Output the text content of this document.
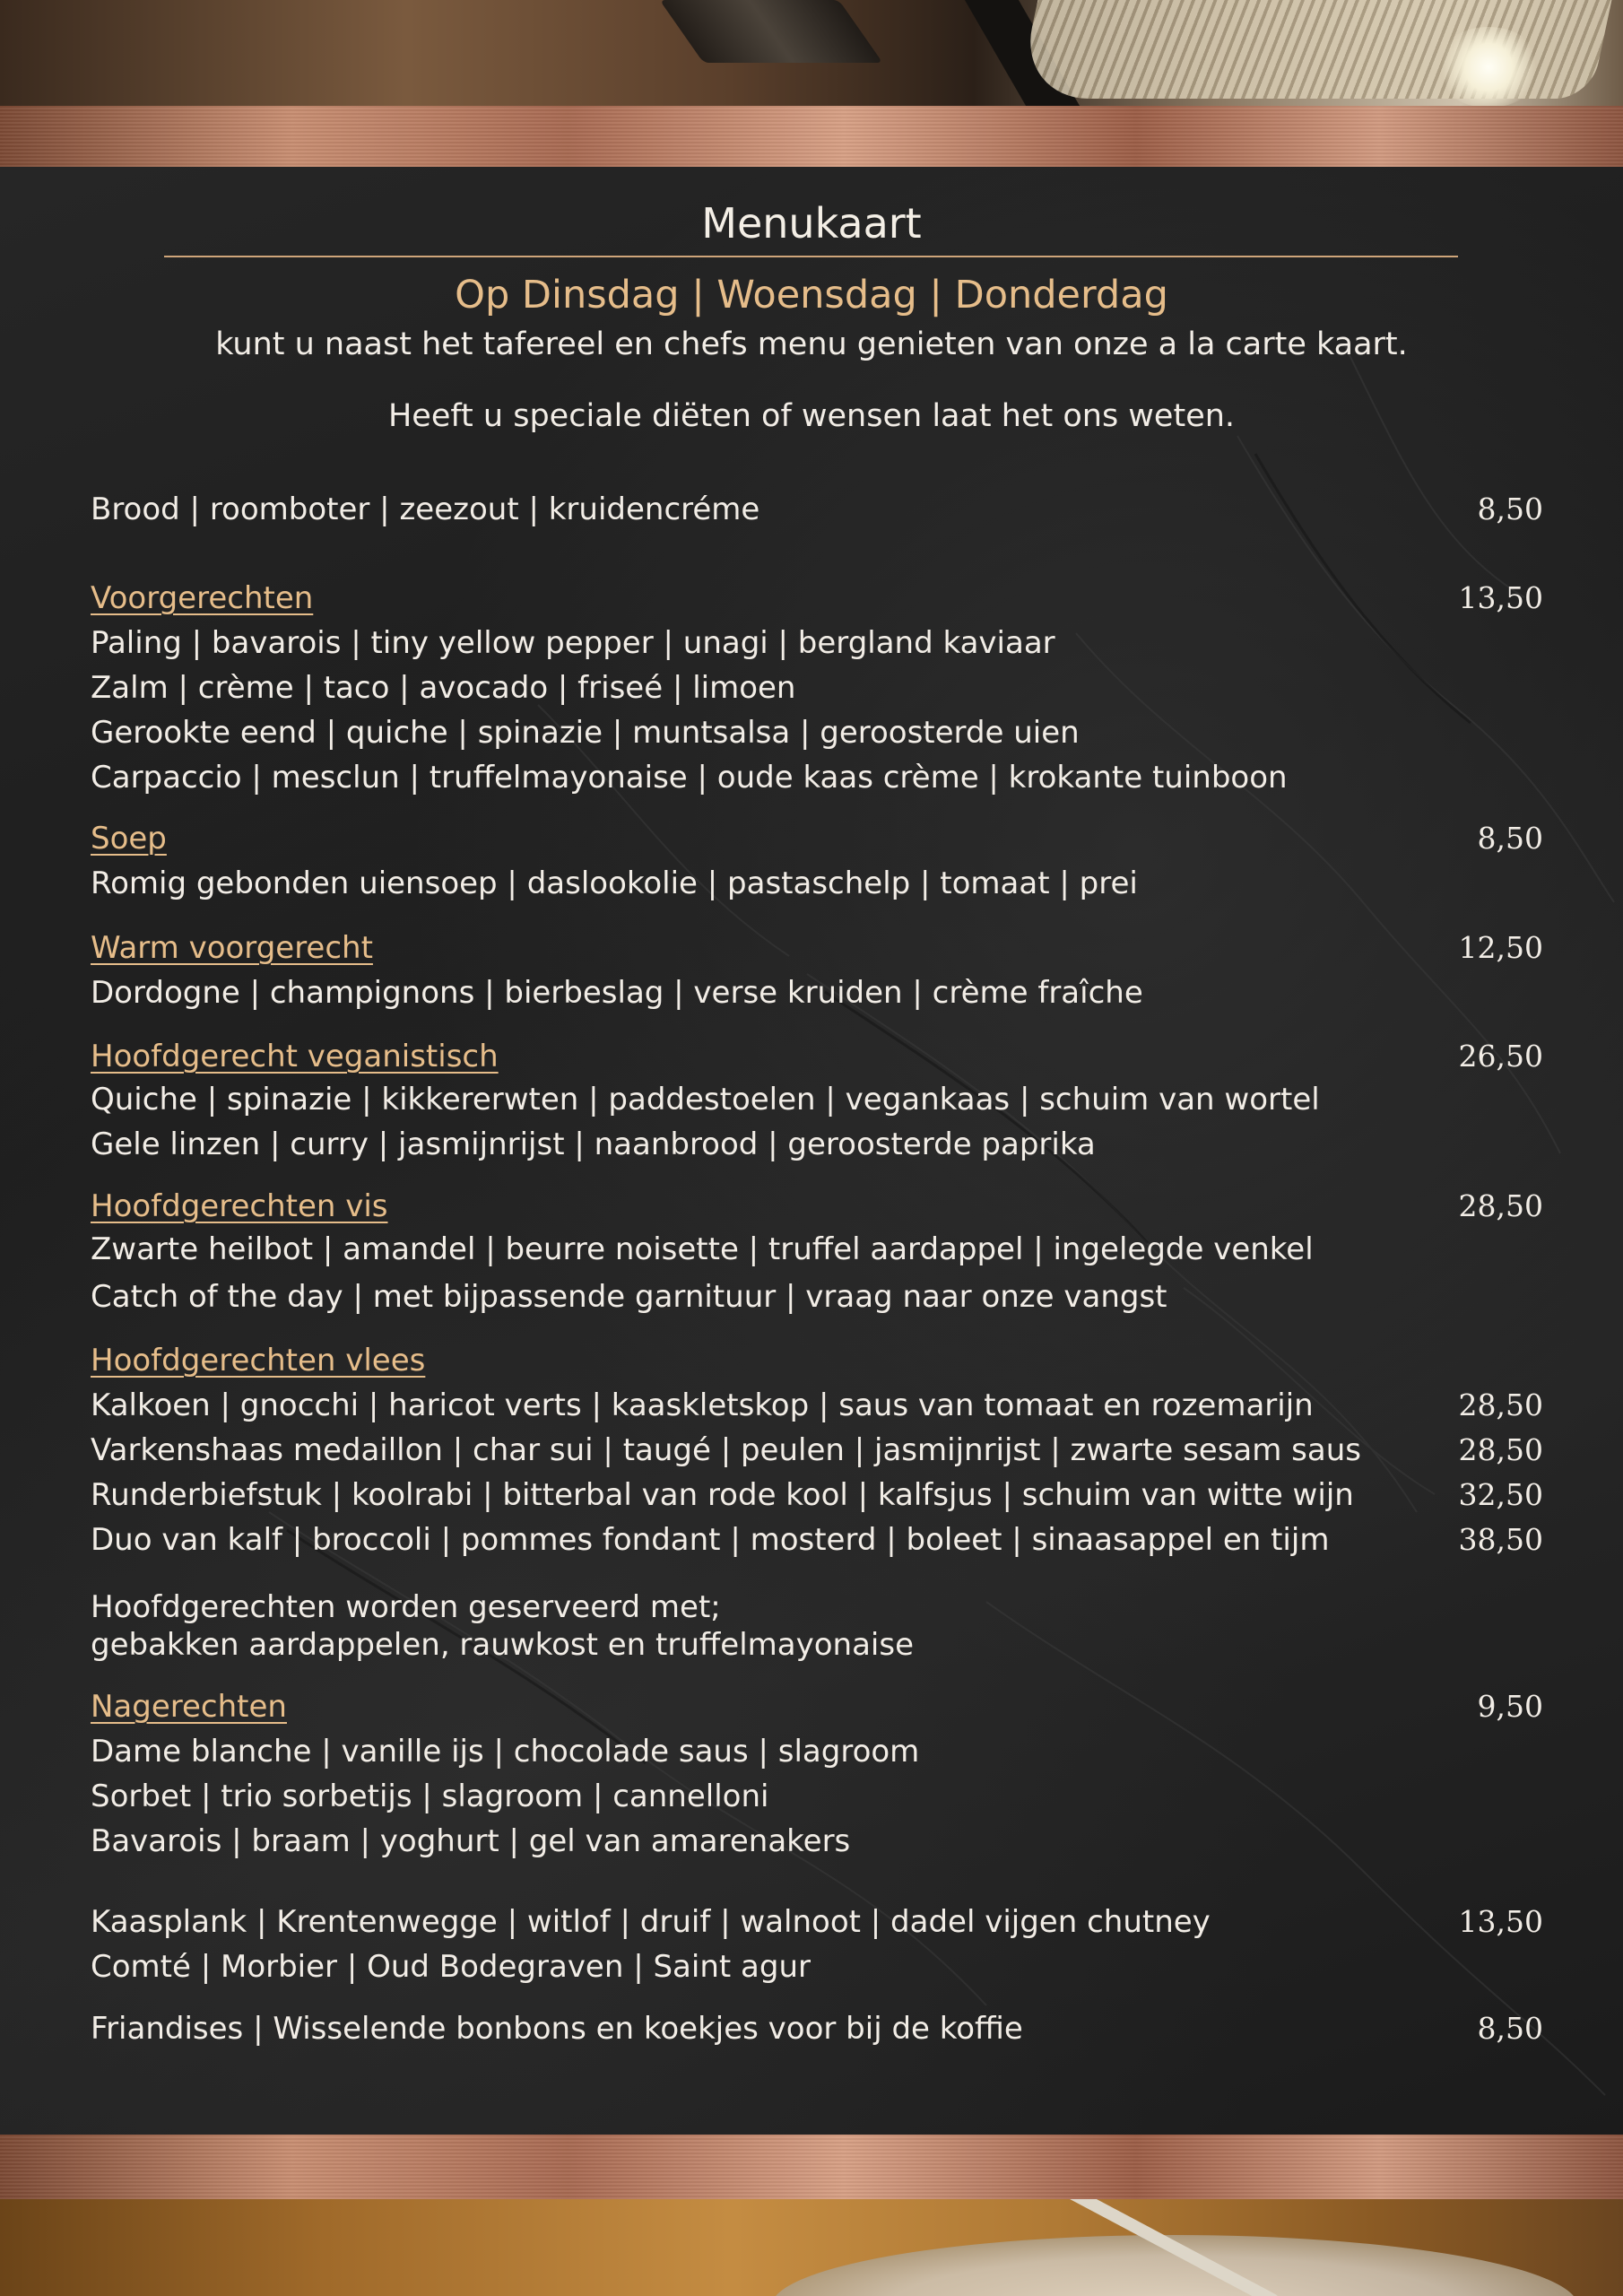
Menukaart
Op Dinsdag | Woensdag | Donderdag
kunt u naast het tafereel en chefs menu genieten van onze a la carte kaart.
Heeft u speciale diëten of wensen laat het ons weten.
Brood | roomboter | zeezout | kruidencréme	8,50
Voorgerechten	13,50
Paling | bavarois | tiny yellow pepper | unagi | bergland kaviaar
Zalm | crème | taco | avocado | friseé | limoen
Gerookte eend | quiche | spinazie | muntsalsa | geroosterde uien
Carpaccio | mesclun | truffelmayonaise | oude kaas crème | krokante tuinboon
Soep	8,50
Romig gebonden uiensoep | daslookolie | pastaschelp | tomaat | prei
Warm voorgerecht	12,50
Dordogne | champignons | bierbeslag | verse kruiden | crème fraîche
Hoofdgerecht veganistisch	26,50
Quiche | spinazie | kikkererwten | paddestoelen | vegankaas | schuim van wortel
Gele linzen | curry | jasmijnrijst | naanbrood | geroosterde paprika
Hoofdgerechten vis	28,50
Zwarte heilbot | amandel | beurre noisette | truffel aardappel | ingelegde venkel
Catch of the day | met bijpassende garnituur | vraag naar onze vangst
Hoofdgerechten vlees
Kalkoen | gnocchi | haricot verts | kaaskletskop | saus van tomaat en rozemarijn	28,50
Varkenshaas medaillon | char sui | taugé | peulen | jasmijnrijst | zwarte sesam saus	28,50
Runderbiefstuk | koolrabi | bitterbal van rode kool | kalfsjus | schuim van witte wijn	32,50
Duo van kalf | broccoli | pommes fondant | mosterd | boleet | sinaasappel en tijm	38,50
Hoofdgerechten worden geserveerd met;
gebakken aardappelen, rauwkost en truffelmayonaise
Nagerechten	9,50
Dame blanche | vanille ijs | chocolade saus | slagroom
Sorbet | trio sorbetijs | slagroom | cannelloni
Bavarois | braam | yoghurt | gel van amarenakers
Kaasplank | Krentenwegge | witlof | druif | walnoot | dadel vijgen chutney	13,50
Comté | Morbier | Oud Bodegraven | Saint agur
Friandises | Wisselende bonbons en koekjes voor bij de koffie	8,50
